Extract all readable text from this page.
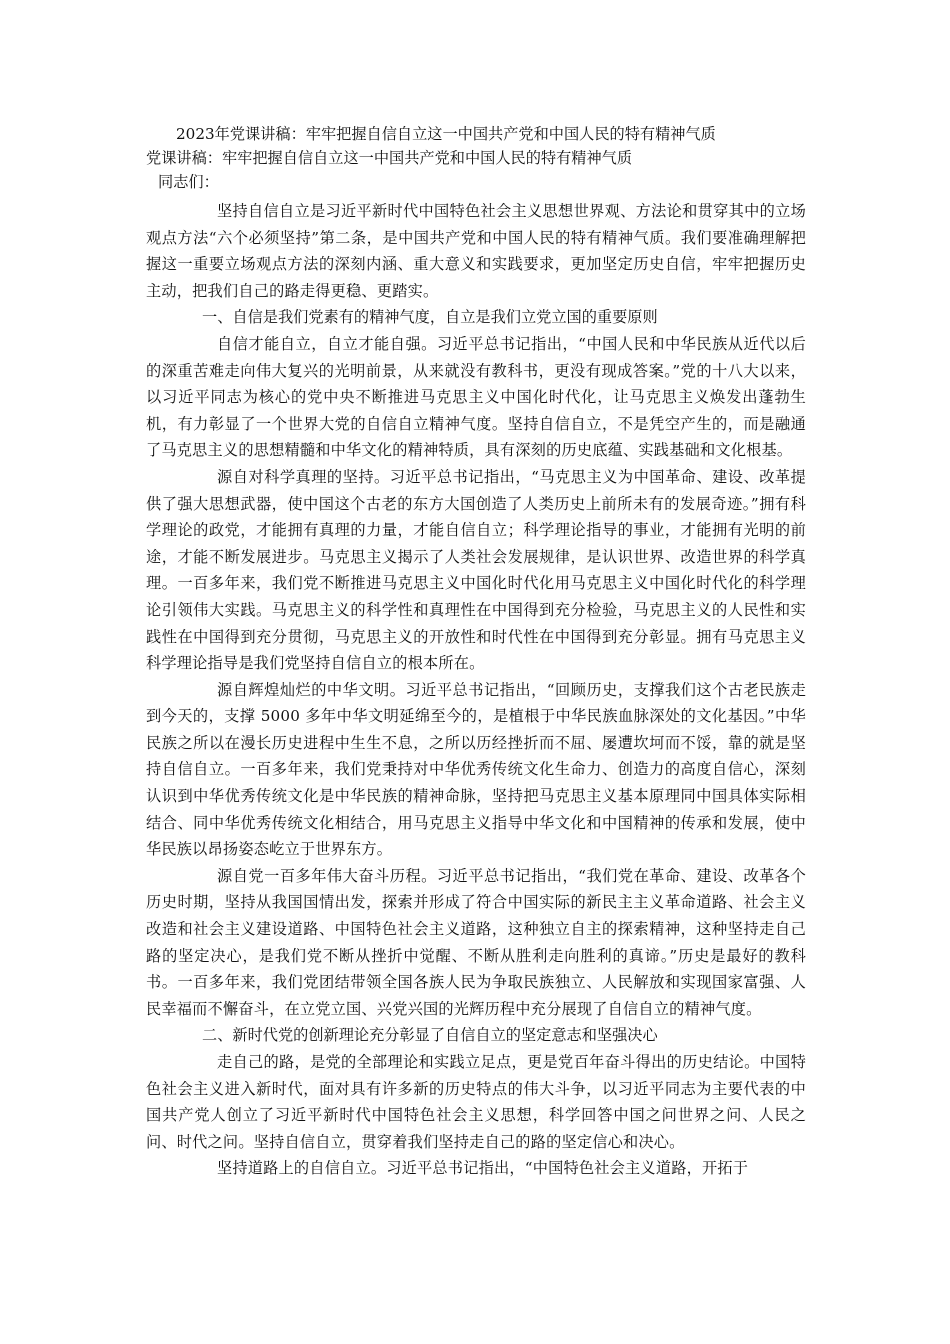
2023年党课讲稿：牢牢把握自信自立这一中国共产党和中国人民的特有精神气质

党课讲稿：牢牢把握自信自立这一中国共产党和中国人民的特有精神气质

同志们：

坚持自信自立是习近平新时代中国特色社会主义思想世界观、方法论和贯穿其中的立场观点方法“六个必须坚持”第二条，是中国共产党和中国人民的特有精神气质。我们要准确理解把握这一重要立场观点方法的深刻内涵、重大意义和实践要求，更加坚定历史自信，牢牢把握历史主动，把我们自己的路走得更稳、更踏实。

一、自信是我们党素有的精神气度，自立是我们立党立国的重要原则

自信才能自立，自立才能自强。习近平总书记指出，“中国人民和中华民族从近代以后的深重苦难走向伟大复兴的光明前景，从来就没有教科书，更没有现成答案。”党的十八大以来，以习近平同志为核心的党中央不断推进马克思主义中国化时代化，让马克思主义焕发出蓬勃生机，有力彰显了一个世界大党的自信自立精神气度。坚持自信自立，不是凭空产生的，而是融通了马克思主义的思想精髓和中华文化的精神特质，具有深刻的历史底蕴、实践基础和文化根基。

源自对科学真理的坚持。习近平总书记指出，“马克思主义为中国革命、建设、改革提供了强大思想武器，使中国这个古老的东方大国创造了人类历史上前所未有的发展奇迹。”拥有科学理论的政党，才能拥有真理的力量，才能自信自立；科学理论指导的事业，才能拥有光明的前途，才能不断发展进步。马克思主义揭示了人类社会发展规律，是认识世界、改造世界的科学真理。一百多年来，我们党不断推进马克思主义中国化时代化用马克思主义中国化时代化的科学理论引领伟大实践。马克思主义的科学性和真理性在中国得到充分检验，马克思主义的人民性和实践性在中国得到充分贯彻，马克思主义的开放性和时代性在中国得到充分彰显。拥有马克思主义科学理论指导是我们党坚持自信自立的根本所在。

源自辉煌灿烂的中华文明。习近平总书记指出，“回顾历史，支撑我们这个古老民族走到今天的，支撑 5000 多年中华文明延绵至今的，是植根于中华民族血脉深处的文化基因。”中华民族之所以在漫长历史进程中生生不息，之所以历经挫折而不屈、屡遭坎坷而不馁，靠的就是坚持自信自立。一百多年来，我们党秉持对中华优秀传统文化生命力、创造力的高度自信心，深刻认识到中华优秀传统文化是中华民族的精神命脉，坚持把马克思主义基本原理同中国具体实际相结合、同中华优秀传统文化相结合，用马克思主义指导中华文化和中国精神的传承和发展，使中华民族以昂扬姿态屹立于世界东方。

源自党一百多年伟大奋斗历程。习近平总书记指出，“我们党在革命、建设、改革各个历史时期，坚持从我国国情出发，探索并形成了符合中国实际的新民主主义革命道路、社会主义改造和社会主义建设道路、中国特色社会主义道路，这种独立自主的探索精神，这种坚持走自己路的坚定决心，是我们党不断从挫折中觉醒、不断从胜利走向胜利的真谛。”历史是最好的教科书。一百多年来，我们党团结带领全国各族人民为争取民族独立、人民解放和实现国家富强、人民幸福而不懈奋斗，在立党立国、兴党兴国的光辉历程中充分展现了自信自立的精神气度。

二、新时代党的创新理论充分彰显了自信自立的坚定意志和坚强决心

走自己的路，是党的全部理论和实践立足点，更是党百年奋斗得出的历史结论。中国特色社会主义进入新时代，面对具有许多新的历史特点的伟大斗争，以习近平同志为主要代表的中国共产党人创立了习近平新时代中国特色社会主义思想，科学回答中国之问世界之问、人民之问、时代之问。坚持自信自立，贯穿着我们坚持走自己的路的坚定信心和决心。

坚持道路上的自信自立。习近平总书记指出，“中国特色社会主义道路，开拓于
